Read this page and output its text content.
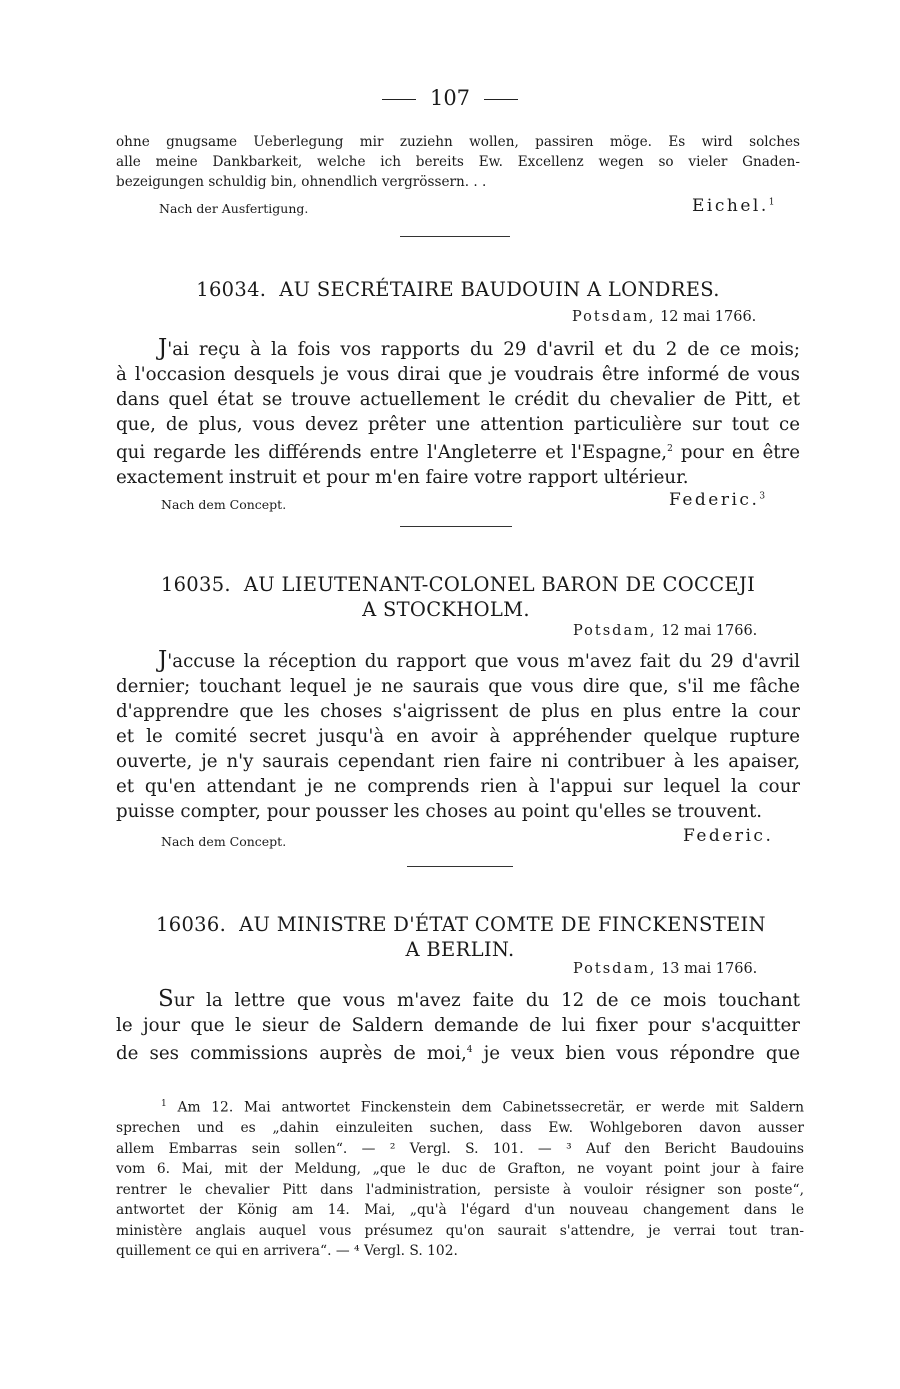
107
ohne gnugsame Ueberlegung mir zuziehn wollen, passiren möge. Es wird solches
alle meine Dankbarkeit, welche ich bereits Ew. Excellenz wegen so vieler Gnaden-
bezeigungen schuldig bin, ohnendlich vergrössern. . .
Nach der Ausfertigung.	Eichel.$^1$
16034. AU SECRÉTAIRE BAUDOUIN A LONDRES.
Potsdam, 12 mai 1766.
J'ai reçu à la fois vos rapports du 29 d'avril et du 2 de ce mois;
à l'occasion desquels je vous dirai que je voudrais être informé de vous
dans quel état se trouve actuellement le crédit du chevalier de Pitt, et
que, de plus, vous devez prêter une attention particulière sur tout ce
qui regarde les différends entre l'Angleterre et l'Espagne,$^2$ pour en être
exactement instruit et pour m'en faire votre rapport ultérieur.
Nach dem Concept.	Federic.$^3$
16035. AU LIEUTENANT-COLONEL BARON DE COCCEJI
A STOCKHOLM.
Potsdam, 12 mai 1766.
J'accuse la réception du rapport que vous m'avez fait du 29 d'avril
dernier; touchant lequel je ne saurais que vous dire que, s'il me fâche
d'apprendre que les choses s'aigrissent de plus en plus entre la cour
et le comité secret jusqu'à en avoir à appréhender quelque rupture
ouverte, je n'y saurais cependant rien faire ni contribuer à les apaiser,
et qu'en attendant je ne comprends rien à l'appui sur lequel la cour
puisse compter, pour pousser les choses au point qu'elles se trouvent.
Nach dem Concept.	Federic.
16036. AU MINISTRE D'ÉTAT COMTE DE FINCKENSTEIN
A BERLIN.
Potsdam, 13 mai 1766.
Sur la lettre que vous m'avez faite du 12 de ce mois touchant
le jour que le sieur de Saldern demande de lui fixer pour s'acquitter
de ses commissions auprès de moi,$^4$ je veux bien vous répondre que
$^1$ Am 12. Mai antwortet Finckenstein dem Cabinetssecretär, er werde mit Saldern
sprechen und es „dahin einzuleiten suchen, dass Ew. Wohlgeboren davon ausser
allem Embarras sein sollen“. — ² Vergl. S. 101. — ³ Auf den Bericht Baudouins
vom 6. Mai, mit der Meldung, „que le duc de Grafton, ne voyant point jour à faire
rentrer le chevalier Pitt dans l'administration, persiste à vouloir résigner son poste“,
antwortet der König am 14. Mai, „qu'à l'égard d'un nouveau changement dans le
ministère anglais auquel vous présumez qu'on saurait s'attendre, je verrai tout tran-
quillement ce qui en arrivera“. — ⁴ Vergl. S. 102.
